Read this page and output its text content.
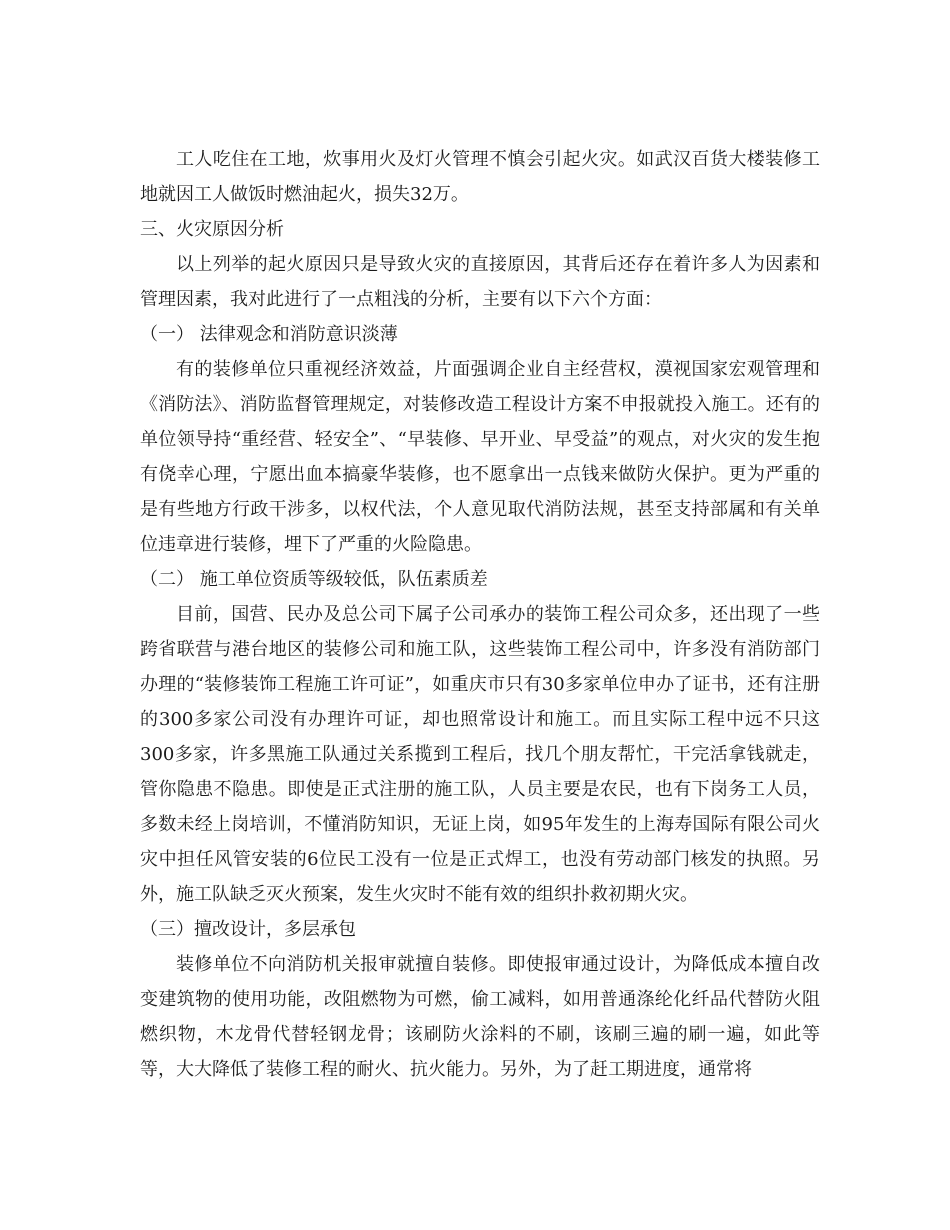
工人吃住在工地，炊事用火及灯火管理不慎会引起火灾。如武汉百货大楼装修工地就因工人做饭时燃油起火，损失32万。

三、火灾原因分析

以上列举的起火原因只是导致火灾的直接原因，其背后还存在着许多人为因素和管理因素，我对此进行了一点粗浅的分析，主要有以下六个方面：

（一） 法律观念和消防意识淡薄

有的装修单位只重视经济效益，片面强调企业自主经营权，漠视国家宏观管理和《消防法》、消防监督管理规定，对装修改造工程设计方案不申报就投入施工。还有的单位领导持“重经营、轻安全”、“早装修、早开业、早受益”的观点，对火灾的发生抱有侥幸心理，宁愿出血本搞豪华装修，也不愿拿出一点钱来做防火保护。更为严重的是有些地方行政干涉多，以权代法，个人意见取代消防法规，甚至支持部属和有关单位违章进行装修，埋下了严重的火险隐患。

（二） 施工单位资质等级较低，队伍素质差

目前，国营、民办及总公司下属子公司承办的装饰工程公司众多，还出现了一些跨省联营与港台地区的装修公司和施工队，这些装饰工程公司中，许多没有消防部门办理的“装修装饰工程施工许可证”，如重庆市只有30多家单位申办了证书，还有注册的300多家公司没有办理许可证，却也照常设计和施工。而且实际工程中远不只这300多家，许多黑施工队通过关系揽到工程后，找几个朋友帮忙，干完活拿钱就走，管你隐患不隐患。即使是正式注册的施工队，人员主要是农民，也有下岗务工人员，多数未经上岗培训，不懂消防知识，无证上岗，如95年发生的上海寿国际有限公司火灾中担任风管安装的6位民工没有一位是正式焊工，也没有劳动部门核发的执照。另外，施工队缺乏灭火预案，发生火灾时不能有效的组织扑救初期火灾。

（三）擅改设计，多层承包

装修单位不向消防机关报审就擅自装修。即使报审通过设计，为降低成本擅自改变建筑物的使用功能，改阻燃物为可燃，偷工减料，如用普通涤纶化纤品代替防火阻燃织物，木龙骨代替轻钢龙骨；该刷防火涂料的不刷，该刷三遍的刷一遍，如此等等，大大降低了装修工程的耐火、抗火能力。另外，为了赶工期进度，通常将
